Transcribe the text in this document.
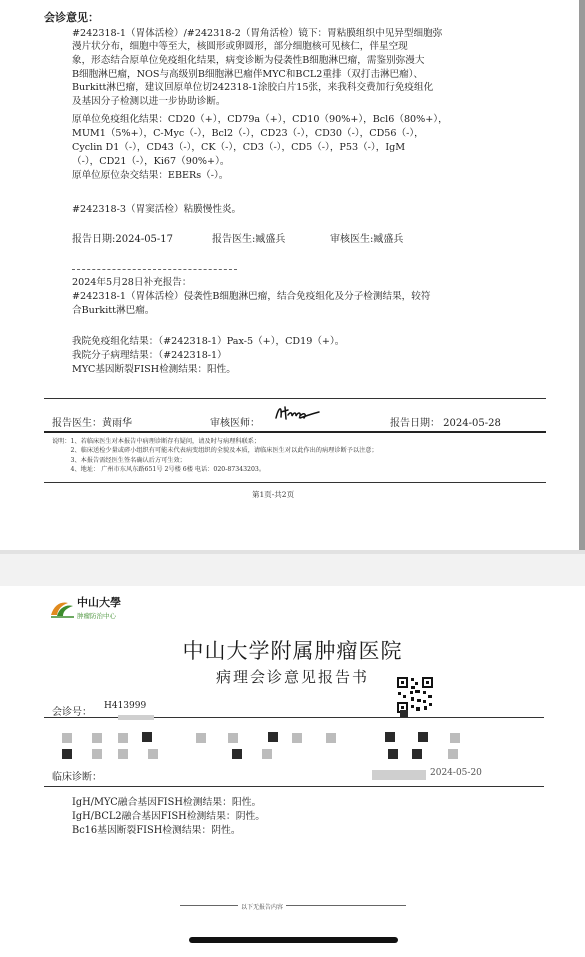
会诊意见：
#242318-1（胃体活检）/#242318-2（胃角活检）镜下：胃粘膜组织中见异型细胞弥
漫片状分布，细胞中等至大，核圆形或卵圆形，部分细胞核可见核仁，伴星空现
象，形态结合原单位免疫组化结果，病变诊断为侵袭性B细胞淋巴瘤，需鉴别弥漫大
B细胞淋巴瘤，NOS与高级别B细胞淋巴瘤伴MYC和BCL2重排（双打击淋巴瘤）、
Burkitt淋巴瘤，建议回原单位切242318-1涂胶白片15张，来我科交费加行免疫组化
及基因分子检测以进一步协助诊断。
原单位免疫组化结果：CD20（+），CD79a（+），CD10（90%+），Bcl6（80%+），
MUM1（5%+），C-Myc（-），Bcl2（-），CD23（-），CD30（-），CD56（-），
Cyclin D1（-），CD43（-），CK（-），CD3（-），CD5（-），P53（-），IgM
（-），CD21（-），Ki67（90%+）。
原单位原位杂交结果：EBERs（-）。
#242318-3（胃窦活检）粘膜慢性炎。
报告日期:2024-05-17	报告医生:臧盛兵	审核医生:臧盛兵
2024年5月28日补充报告：
#242318-1（胃体活检）侵袭性B细胞淋巴瘤，结合免疫组化及分子检测结果，较符
合Burkitt淋巴瘤。
我院免疫组化结果：（#242318-1）Pax-5（+），CD19（+）。
我院分子病理结果：（#242318-1）
MYC基因断裂FISH检测结果：阳性。
报告医生：黄雨华	审核医师：	报告日期： 2024-05-28
说明：1、若临床医生对本报告中病理诊断存有疑问，请及时与病理科联系；
　　　2、临床送检少量或碎小组织有可能未代表病变组织的全貌及本质，请临床医生对以此作出的病理诊断予以注意；
　　　3、本报告需经医生签名确认后方可生效；
　　　4、地址： 广州市东风东路651号 2号楼 6楼 电话：020-87343203。
第1页-共2页
中山大學
肿瘤防治中心
中山大学附属肿瘤医院
病理会诊意见报告书
会诊号：
H413999
临床诊断：	2024-05-20
IgH/MYC融合基因FISH检测结果：阳性。
IgH/BCL2融合基因FISH检测结果：阴性。
Bc16基因断裂FISH检测结果：阴性。
以下无报告内容
